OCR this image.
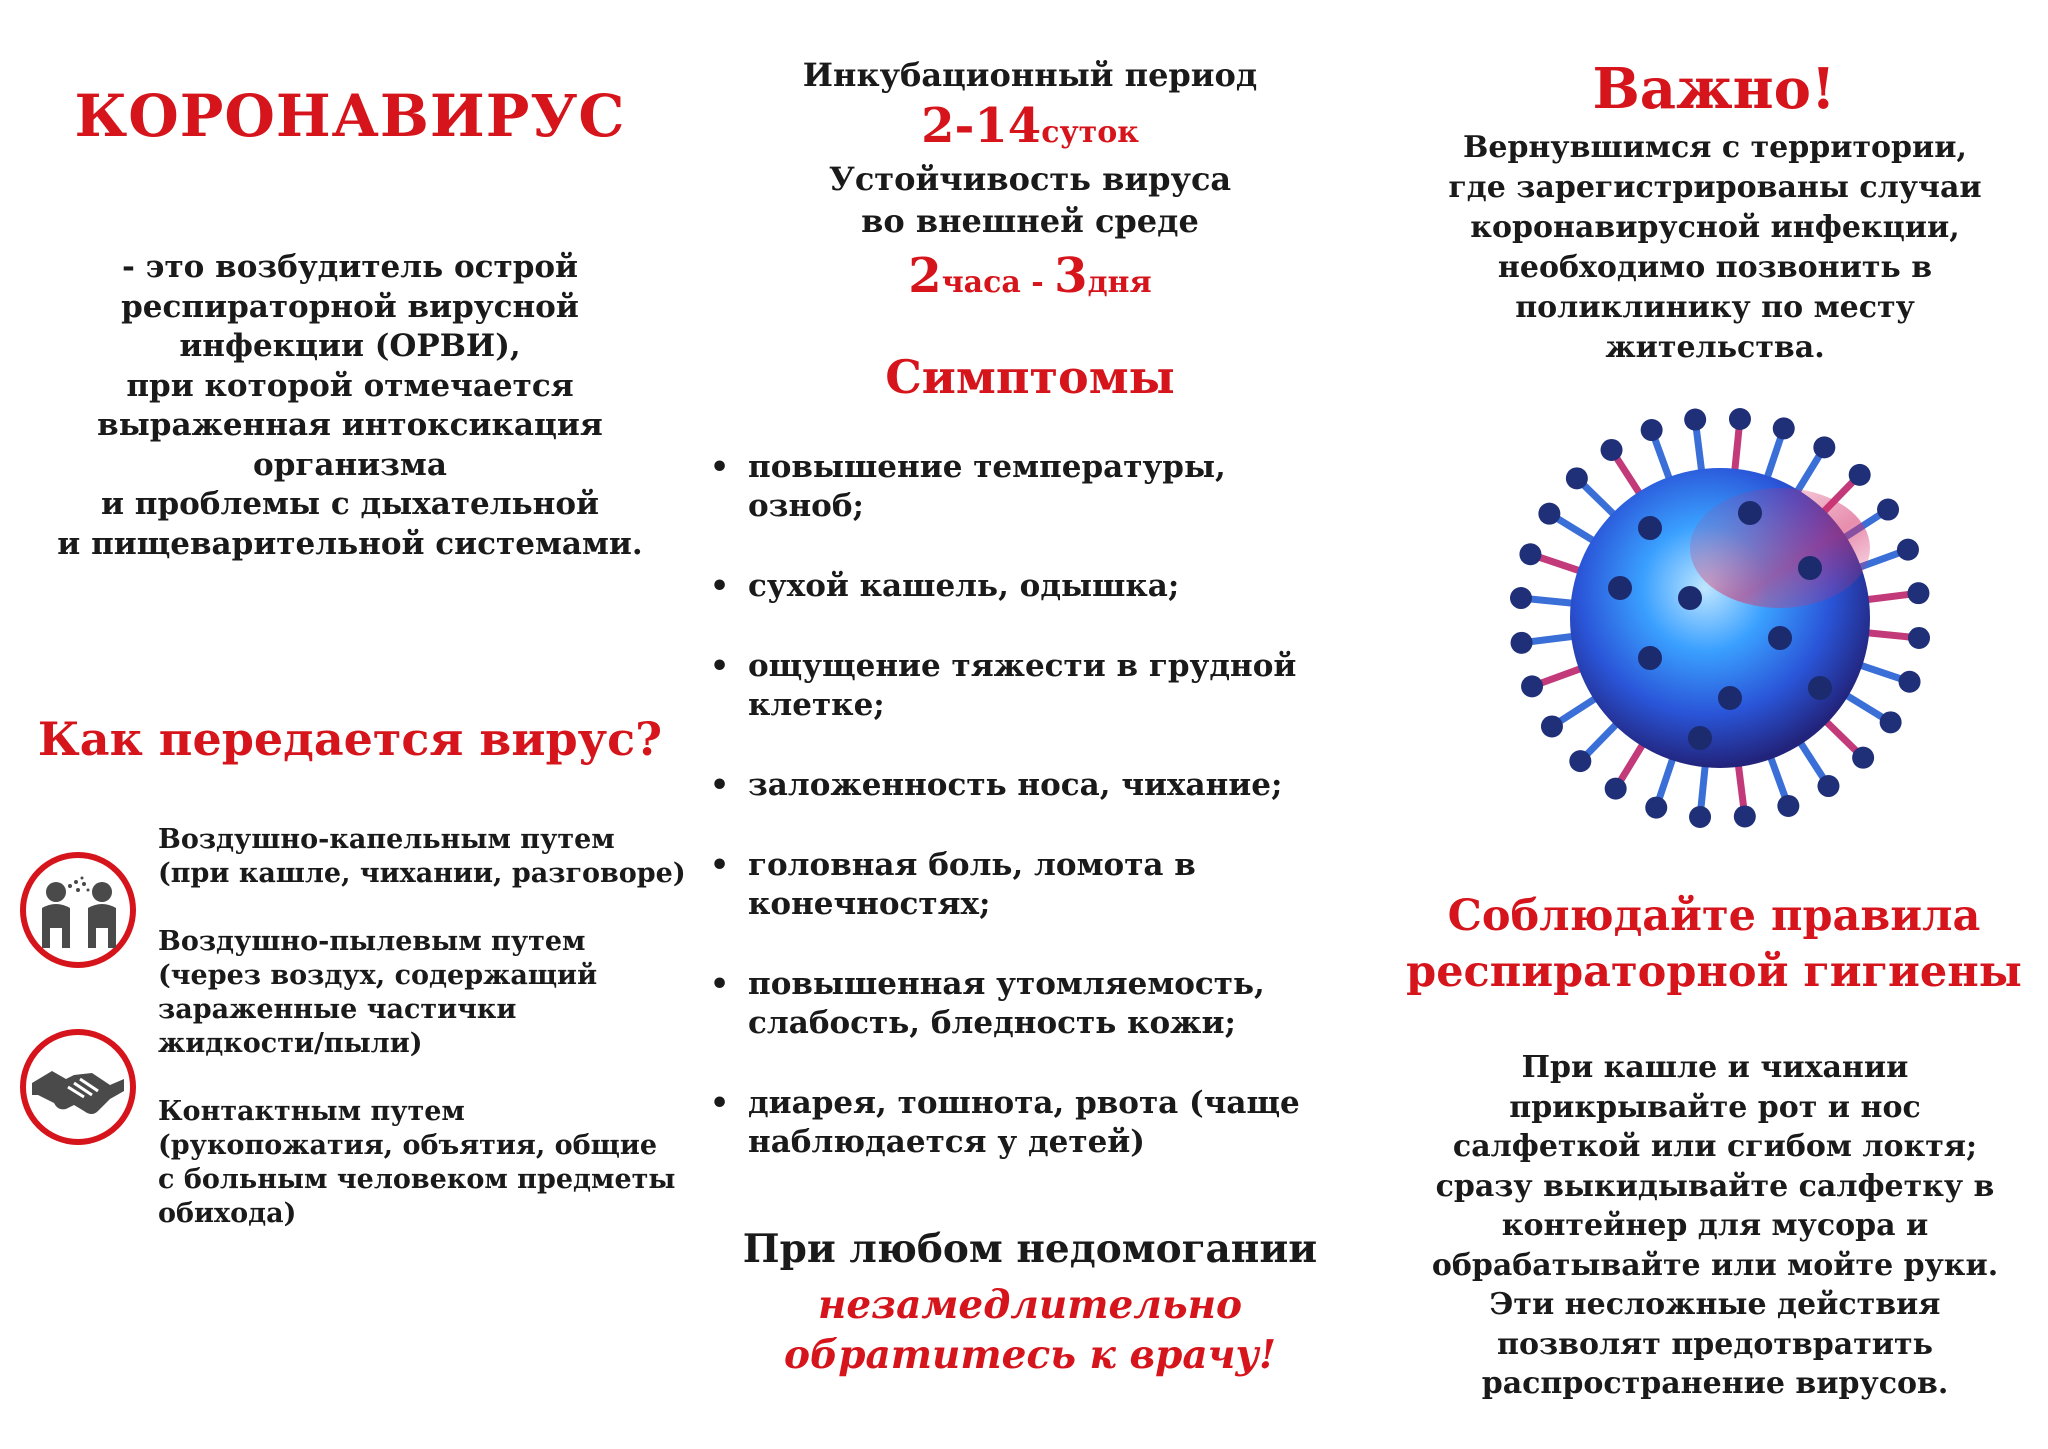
КОРОНАВИРУС
- это возбудитель острой
респираторной вирусной
инфекции (ОРВИ),
при которой отмечается
выраженная интоксикация
организма
и проблемы с дыхательной
и пищеварительной системами.
Как передается вирус?
Воздушно-капельным путем
(при кашле, чихании, разговоре)
Воздушно-пылевым путем
(через воздух, содержащий
зараженные частички
жидкости/пыли)
Контактным путем
(рукопожатия, объятия, общие
с больным человеком предметы
обихода)
Инкубационный период
2-14суток
Устойчивость вируса
во внешней среде
2часа - 3дня
Симптомы
• повышение температуры,
озноб;
• сухой кашель, одышка;
• ощущение тяжести в грудной
клетке;
• заложенность носа, чихание;
• головная боль, ломота в
конечностях;
• повышенная утомляемость,
слабость, бледность кожи;
• диарея, тошнота, рвота (чаще
наблюдается у детей)
При любом недомогании
незамедлительно
обратитесь к врачу!
Важно!
Вернувшимся с территории,
где зарегистрированы случаи
коронавирусной инфекции,
необходимо позвонить в
поликлинику по месту
жительства.
Соблюдайте правила
респираторной гигиены
При кашле и чихании
прикрывайте рот и нос
салфеткой или сгибом локтя;
сразу выкидывайте салфетку в
контейнер для мусора и
обрабатывайте или мойте руки.
Эти несложные действия
позволят предотвратить
распространение вирусов.
